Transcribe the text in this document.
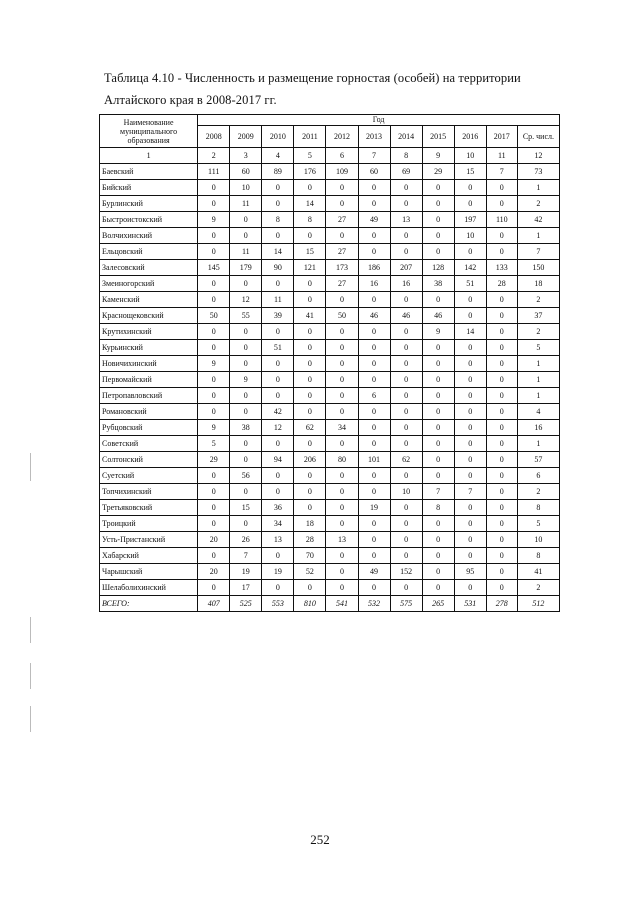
Таблица 4.10 - Численность и размещение горностая (особей) на территории
Алтайского края в 2008-2017 гг.
Наименование муниципального образования	Год										
	2008	2009	2010	2011	2012	2013	2014	2015	2016	2017	Ср. числ.
1	2	3	4	5	6	7	8	9	10	11	12
Баевский	111	60	89	176	109	60	69	29	15	7	73
Бийский	0	10	0	0	0	0	0	0	0	0	1
Бурлинский	0	11	0	14	0	0	0	0	0	0	2
Быстроистокский	9	0	8	8	27	49	13	0	197	110	42
Волчихинский	0	0	0	0	0	0	0	0	10	0	1
Ельцовский	0	11	14	15	27	0	0	0	0	0	7
Залесовский	145	179	90	121	173	186	207	128	142	133	150
Змеиногорский	0	0	0	0	27	16	16	38	51	28	18
Каменский	0	12	11	0	0	0	0	0	0	0	2
Краснощековский	50	55	39	41	50	46	46	46	0	0	37
Крутихинский	0	0	0	0	0	0	0	9	14	0	2
Курьинский	0	0	51	0	0	0	0	0	0	0	5
Новичихинский	9	0	0	0	0	0	0	0	0	0	1
Первомайский	0	9	0	0	0	0	0	0	0	0	1
Петропавловский	0	0	0	0	0	6	0	0	0	0	1
Романовский	0	0	42	0	0	0	0	0	0	0	4
Рубцовский	9	38	12	62	34	0	0	0	0	0	16
Советский	5	0	0	0	0	0	0	0	0	0	1
Солтонский	29	0	94	206	80	101	62	0	0	0	57
Суетский	0	56	0	0	0	0	0	0	0	0	6
Топчихинский	0	0	0	0	0	0	10	7	7	0	2
Третьяковский	0	15	36	0	0	19	0	8	0	0	8
Троицкий	0	0	34	18	0	0	0	0	0	0	5
Усть-Пристанский	20	26	13	28	13	0	0	0	0	0	10
Хабарский	0	7	0	70	0	0	0	0	0	0	8
Чарышский	20	19	19	52	0	49	152	0	95	0	41
Шелаболихинский	0	17	0	0	0	0	0	0	0	0	2
ВСЕГО:	407	525	553	810	541	532	575	265	531	278	512
252
